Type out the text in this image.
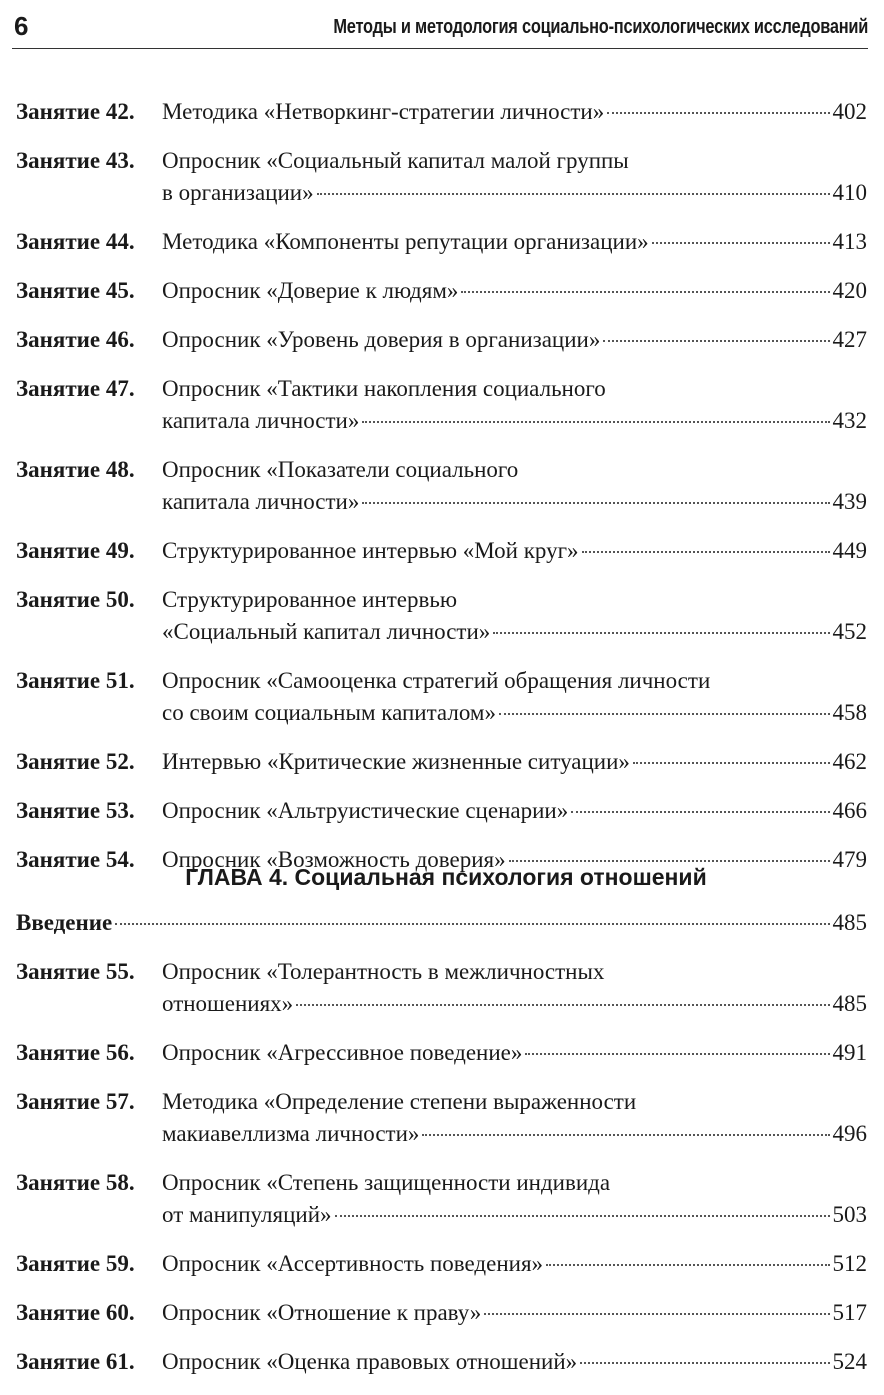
6	Методы и методология социально-психологических исследований
Занятие 42.	Методика «Нетворкинг-стратегии личности»	402
Занятие 43.	Опросник «Социальный капитал малой группы
в организации»	410
Занятие 44.	Методика «Компоненты репутации организации»	413
Занятие 45.	Опросник «Доверие к людям»	420
Занятие 46.	Опросник «Уровень доверия в организации»	427
Занятие 47.	Опросник «Тактики накопления социального
капитала личности»	432
Занятие 48.	Опросник «Показатели социального
капитала личности»	439
Занятие 49.	Структурированное интервью «Мой круг»	449
Занятие 50.	Структурированное интервью
«Социальный капитал личности»	452
Занятие 51.	Опросник «Самооценка стратегий обращения личности
со своим социальным капиталом»	458
Занятие 52.	Интервью «Критические жизненные ситуации»	462
Занятие 53.	Опросник «Альтруистические сценарии»	466
Занятие 54.	Опросник «Возможность доверия»	479
ГЛАВА 4. Социальная психология отношений
Введение	485
Занятие 55.	Опросник «Толерантность в межличностных
отношениях»	485
Занятие 56.	Опросник «Агрессивное поведение»	491
Занятие 57.	Методика «Определение степени выраженности
макиавеллизма личности»	496
Занятие 58.	Опросник «Степень защищенности индивида
от манипуляций»	503
Занятие 59.	Опросник «Ассертивность поведения»	512
Занятие 60.	Опросник «Отношение к праву»	517
Занятие 61.	Опросник «Оценка правовых отношений»	524
